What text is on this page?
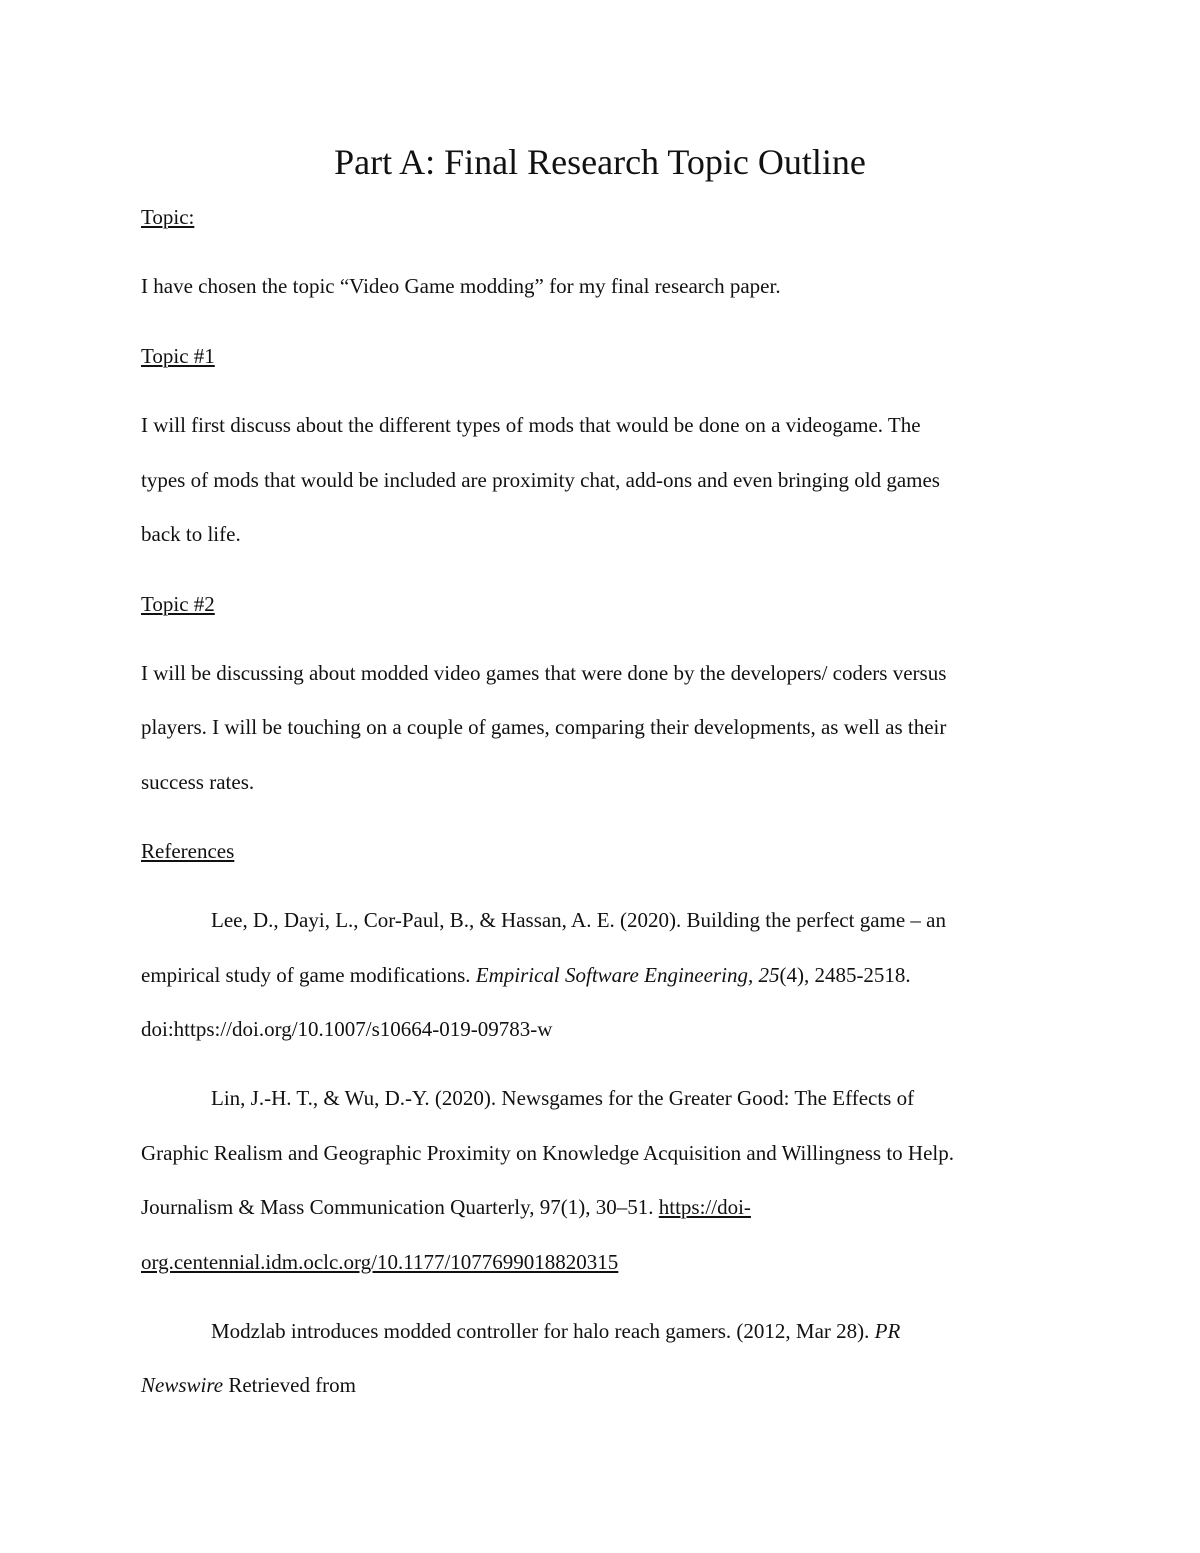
Part A: Final Research Topic Outline
Topic:
I have chosen the topic “Video Game modding” for my final research paper.
Topic #1
I will first discuss about the different types of mods that would be done on a videogame. The
types of mods that would be included are proximity chat, add-ons and even bringing old games
back to life.
Topic #2
I will be discussing about modded video games that were done by the developers/ coders versus
players. I will be touching on a couple of games, comparing their developments, as well as their
success rates.
References
Lee, D., Dayi, L., Cor-Paul, B., & Hassan, A. E. (2020). Building the perfect game – an
empirical study of game modifications. Empirical Software Engineering, 25(4), 2485-2518.
doi:https://doi.org/10.1007/s10664-019-09783-w
Lin, J.-H. T., & Wu, D.-Y. (2020). Newsgames for the Greater Good: The Effects of
Graphic Realism and Geographic Proximity on Knowledge Acquisition and Willingness to Help.
Journalism & Mass Communication Quarterly, 97(1), 30–51. https://doi-
org.centennial.idm.oclc.org/10.1177/1077699018820315
Modzlab introduces modded controller for halo reach gamers. (2012, Mar 28). PR
Newswire Retrieved from
